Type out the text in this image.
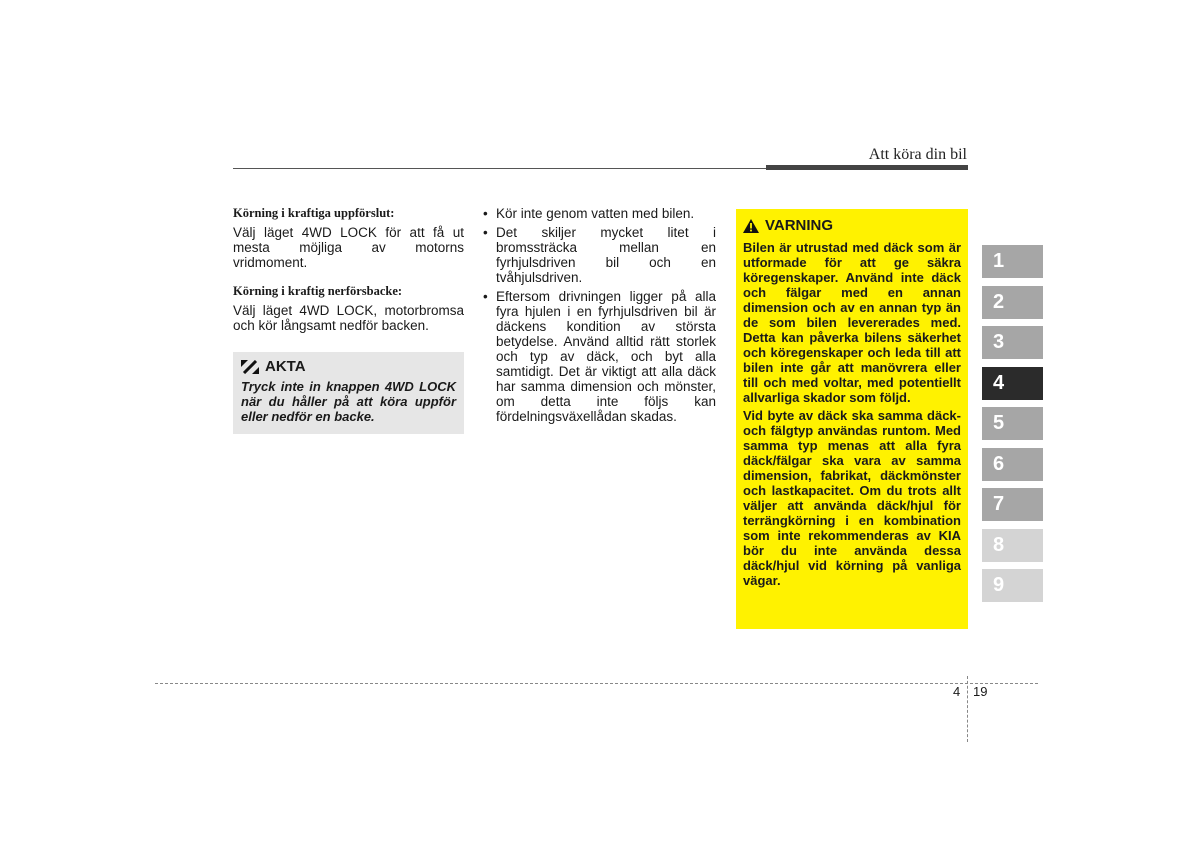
Att köra din bil

Körning i kraftiga uppförslut:

Välj läget 4WD LOCK för att få ut mesta möjliga av motorns vridmoment.

Körning i kraftig nerförsbacke:

Välj läget 4WD LOCK, motorbromsa och kör långsamt nedför backen.

AKTA
Tryck inte in knappen 4WD LOCK när du håller på att köra uppför eller nedför en backe.
• Kör inte genom vatten med bilen.
• Det skiljer mycket litet i bromssträcka mellan en fyrhjulsdriven bil och en tvåhjulsdriven.
• Eftersom drivningen ligger på alla fyra hjulen i en fyrhjulsdriven bil är däckens kondition av största betydelse. Använd alltid rätt storlek och typ av däck, och byt alla samtidigt. Det är viktigt att alla däck har samma dimension och mönster, om detta inte följs kan fördelningsväxellådan skadas.
VARNING

Bilen är utrustad med däck som är utformade för att ge säkra köregenskaper. Använd inte däck och fälgar med en annan dimension och av en annan typ än de som bilen levererades med. Detta kan påverka bilens säkerhet och köregenskaper och leda till att bilen inte går att manövrera eller till och med voltar, med potentiellt allvarliga skador som följd.

Vid byte av däck ska samma däck- och fälgtyp användas runtom. Med samma typ menas att alla fyra däck/fälgar ska vara av samma dimension, fabrikat, däckmönster och lastkapacitet. Om du trots allt väljer att använda däck/hjul för terrängkörning i en kombination som inte rekommenderas av KIA bör du inte använda dessa däck/hjul vid körning på vanliga vägar.

1
2
3
4
5
6
7
8
9
4 19
